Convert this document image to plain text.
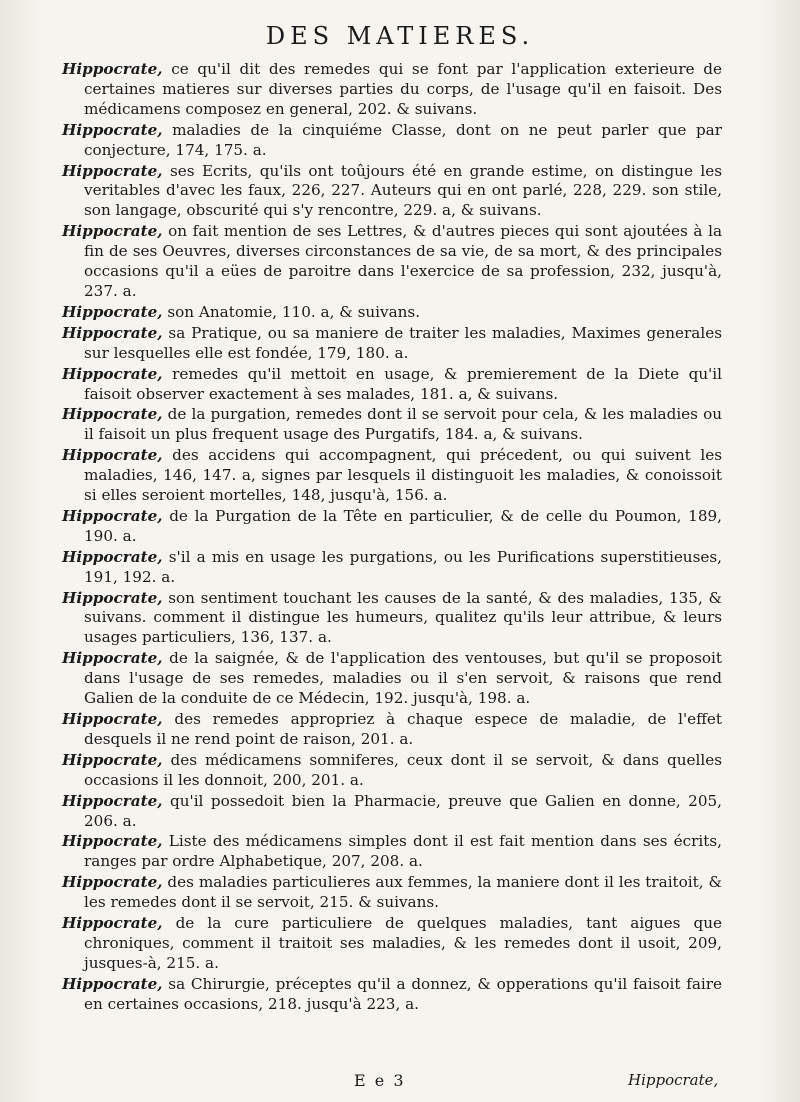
DES MATIERES.

Hippocrate, ce qu'il dit des remedes qui se font par l'application exterieure de certaines matieres sur diverses parties du corps, de l'usage qu'il en faisoit. Des médicamens composez en general, 202. & suivans.

Hippocrate, maladies de la cinquiéme Classe, dont on ne peut parler que par conjecture, 174, 175. a.

Hippocrate, ses Ecrits, qu'ils ont toûjours été en grande estime, on distingue les veritables d'avec les faux, 226, 227. Auteurs qui en ont parlé, 228, 229. son stile, son langage, obscurité qui s'y rencontre, 229. a, & suivans.

Hippocrate, on fait mention de ses Lettres, & d'autres pieces qui sont ajoutées à la fin de ses Oeuvres, diverses circonstances de sa vie, de sa mort, & des principales occasions qu'il a eües de paroitre dans l'exercice de sa profession, 232, jusqu'à, 237. a.

Hippocrate, son Anatomie, 110. a, & suivans.

Hippocrate, sa Pratique, ou sa maniere de traiter les maladies, Maximes generales sur lesquelles elle est fondée, 179, 180. a.

Hippocrate, remedes qu'il mettoit en usage, & premierement de la Diete qu'il faisoit observer exactement à ses malades, 181. a, & suivans.

Hippocrate, de la purgation, remedes dont il se servoit pour cela, & les maladies ou il faisoit un plus frequent usage des Purgatifs, 184. a, & suivans.

Hippocrate, des accidens qui accompagnent, qui précedent, ou qui suivent les maladies, 146, 147. a, signes par lesquels il distinguoit les maladies, & conoissoit si elles seroient mortelles, 148, jusqu'à, 156. a.

Hippocrate, de la Purgation de la Tête en particulier, & de celle du Poumon, 189, 190. a.

Hippocrate, s'il a mis en usage les purgations, ou les Purifications superstitieuses, 191, 192. a.

Hippocrate, son sentiment touchant les causes de la santé, & des maladies, 135, & suivans. comment il distingue les humeurs, qualitez qu'ils leur attribue, & leurs usages particuliers, 136, 137. a.

Hippocrate, de la saignée, & de l'application des ventouses, but qu'il se proposoit dans l'usage de ses remedes, maladies ou il s'en servoit, & raisons que rend Galien de la conduite de ce Médecin, 192. jusqu'à, 198. a.

Hippocrate, des remedes appropriez à chaque espece de maladie, de l'effet desquels il ne rend point de raison, 201. a.

Hippocrate, des médicamens somniferes, ceux dont il se servoit, & dans quelles occasions il les donnoit, 200, 201. a.

Hippocrate, qu'il possedoit bien la Pharmacie, preuve que Galien en donne, 205, 206. a.

Hippocrate, Liste des médicamens simples dont il est fait mention dans ses écrits, ranges par ordre Alphabetique, 207, 208. a.

Hippocrate, des maladies particulieres aux femmes, la maniere dont il les traitoit, & les remedes dont il se servoit, 215. & suivans.

Hippocrate, de la cure particuliere de quelques maladies, tant aigues que chroniques, comment il traitoit ses maladies, & les remedes dont il usoit, 209, jusques-à, 215. a.

Hippocrate, sa Chirurgie, préceptes qu'il a donnez, & opperations qu'il faisoit faire en certaines occasions, 218. jusqu'à 223, a.

E e 3	Hippocrate,
